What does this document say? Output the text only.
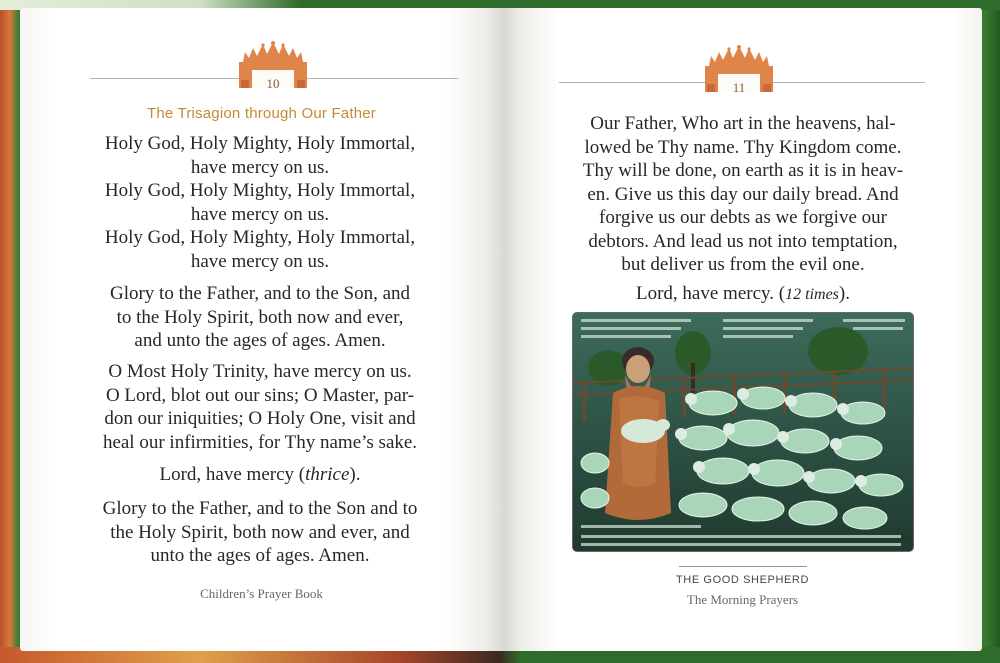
10
The Trisagion through Our Father
Holy God, Holy Mighty, Holy Immortal,
have mercy on us.
Holy God, Holy Mighty, Holy Immortal,
have mercy on us.
Holy God, Holy Mighty, Holy Immortal,
have mercy on us.
Glory to the Father, and to the Son, and
to the Holy Spirit, both now and ever,
and unto the ages of ages. Amen.
O Most Holy Trinity, have mercy on us.
O Lord, blot out our sins; O Master, par-
don our iniquities; O Holy One, visit and
heal our infirmities, for Thy name’s sake.
Lord, have mercy (thrice).
Glory to the Father, and to the Son and to
the Holy Spirit, both now and ever, and
unto the ages of ages. Amen.
Children’s Prayer Book
11
Our Father, Who art in the heavens, hal-
lowed be Thy name. Thy Kingdom come.
Thy will be done, on earth as it is in heav-
en. Give us this day our daily bread. And
forgive us our debts as we forgive our
debtors. And lead us not into temptation,
but deliver us from the evil one.
Lord, have mercy. (12 times).
THE GOOD SHEPHERD
The Morning Prayers
